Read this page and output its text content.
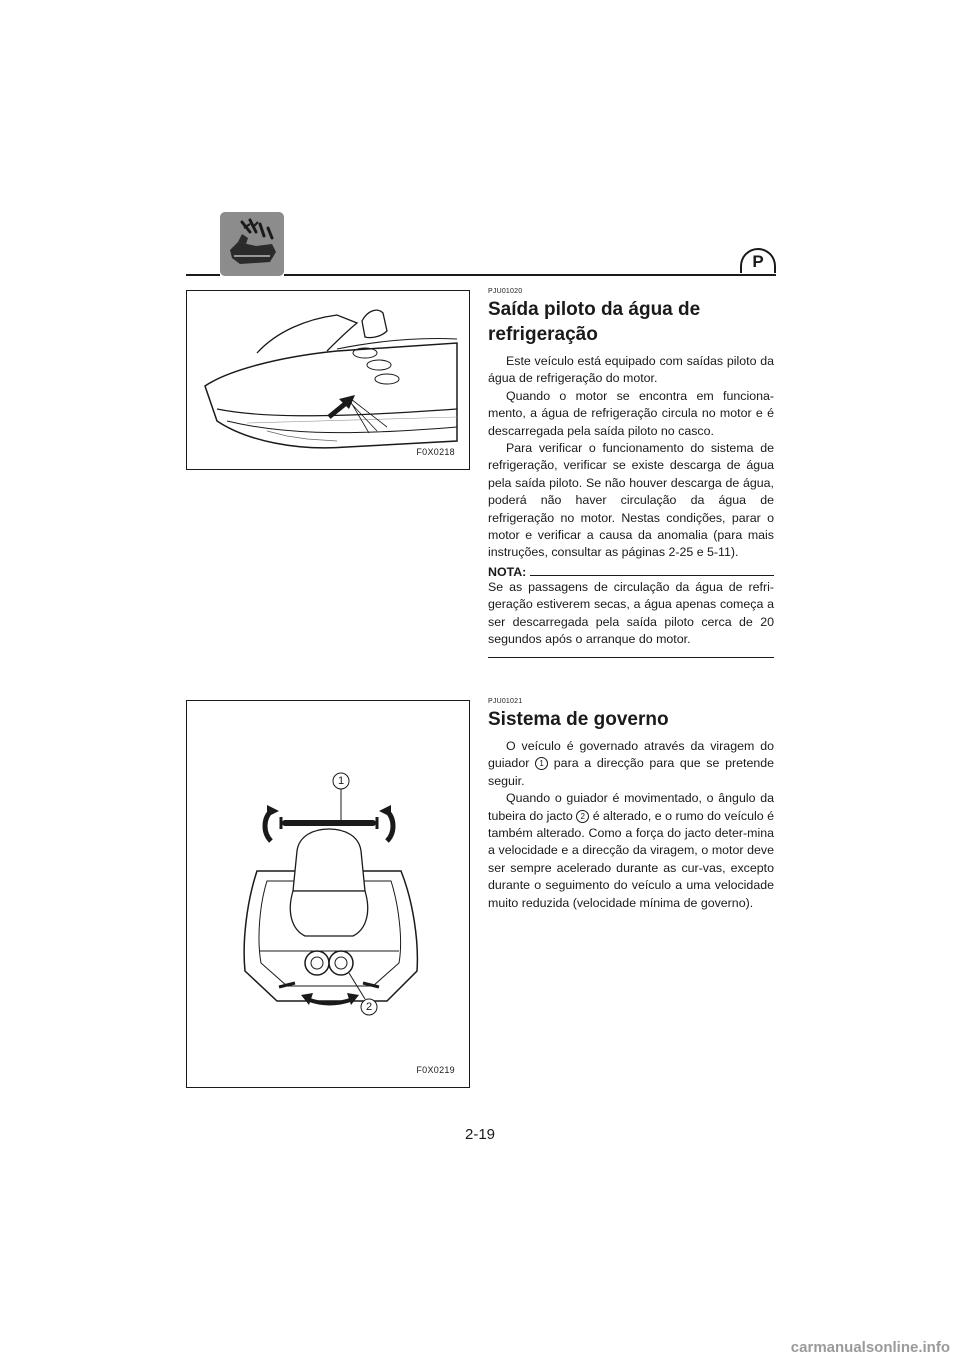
P
F0X0218
PJU01020
Saída piloto da água de refrigeração

Este veículo está equipado com saídas piloto da água de refrigeração do motor.

Quando o motor se encontra em funciona-mento, a água de refrigeração circula no motor e é descarregada pela saída piloto no casco.

Para verificar o funcionamento do sistema de refrigeração, verificar se existe descarga de água pela saída piloto. Se não houver descarga de água, poderá não haver circulação da água de refrigeração no motor. Nestas condições, parar o motor e verificar a causa da anomalia (para mais instruções, consultar as páginas 2-25 e 5-11).

NOTA:

Se as passagens de circulação da água de refri-geração estiverem secas, a água apenas começa a ser descarregada pela saída piloto cerca de 20 segundos após o arranque do motor.

1
2
F0X0219
PJU01021
Sistema de governo

O veículo é governado através da viragem do guiador 1 para a direcção para que se pretende seguir.

Quando o guiador é movimentado, o ângulo da tubeira do jacto 2 é alterado, e o rumo do veículo é também alterado. Como a força do jacto deter-mina a velocidade e a direcção da viragem, o motor deve ser sempre acelerado durante as cur-vas, excepto durante o seguimento do veículo a uma velocidade muito reduzida (velocidade mínima de governo).

2-19
carmanualsonline.info
